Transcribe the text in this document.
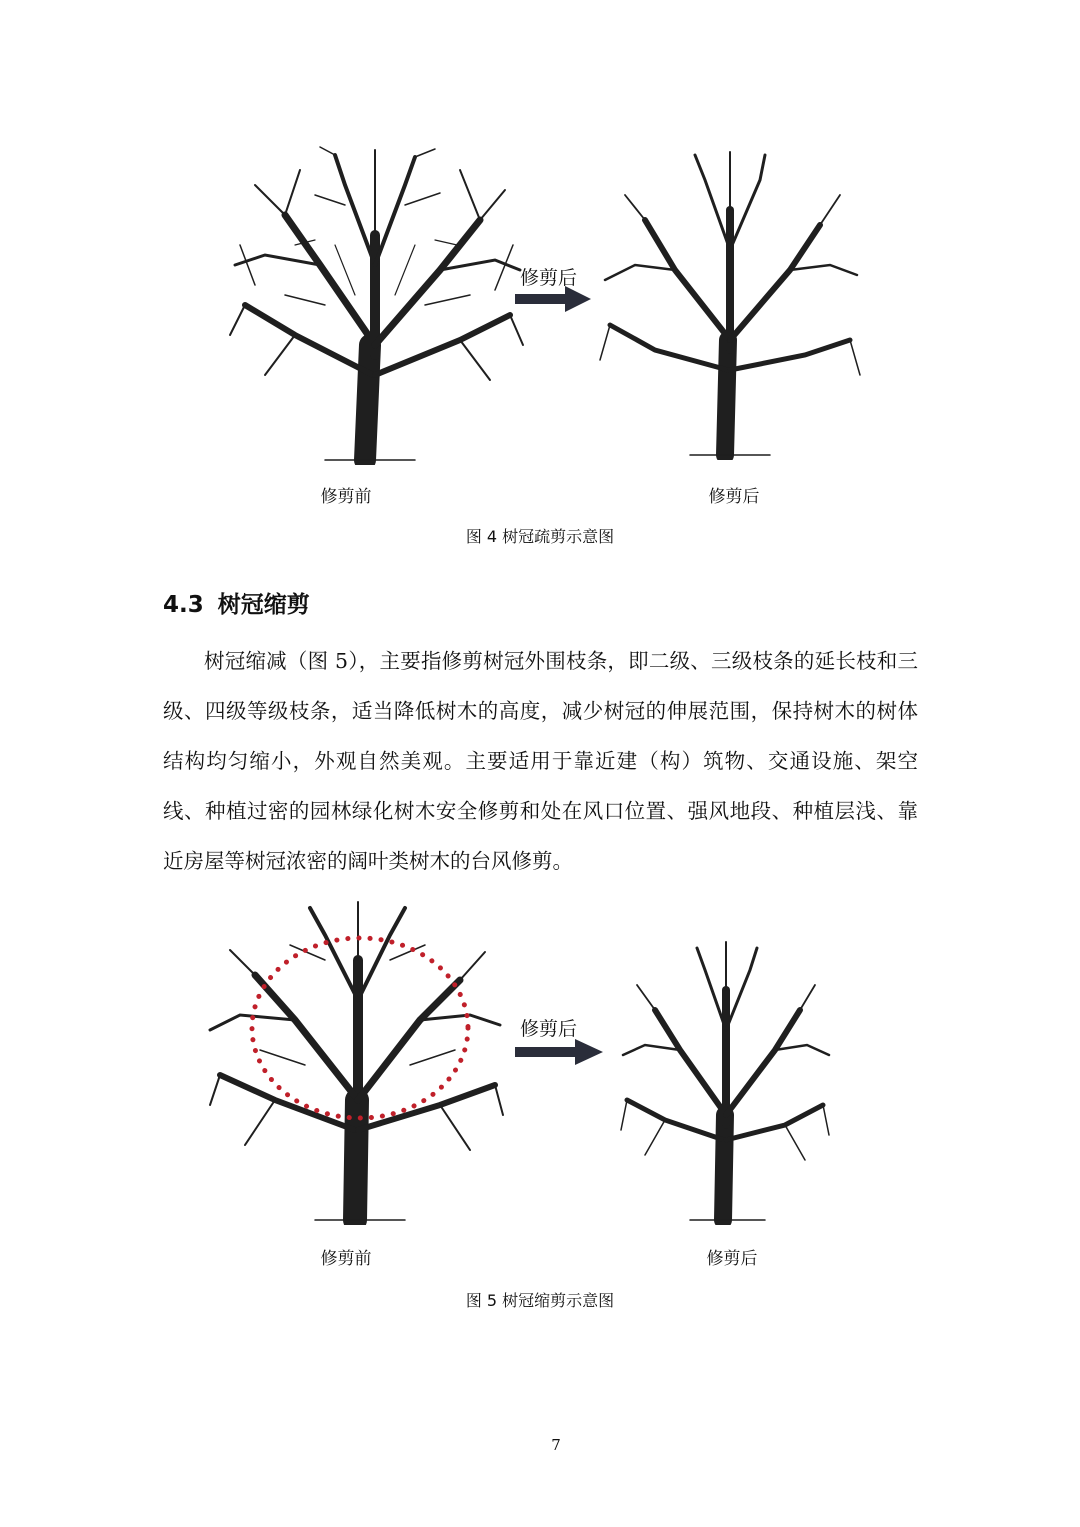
修剪后
修剪前	修剪后
图 4 树冠疏剪示意图
4.3 树冠缩剪
树冠缩减（图 5），主要指修剪树冠外围枝条，即二级、三级枝条的延长枝和三级、四级等级枝条，适当降低树木的高度，减少树冠的伸展范围，保持树木的树体结构均匀缩小，外观自然美观。主要适用于靠近建（构）筑物、交通设施、架空线、种植过密的园林绿化树木安全修剪和处在风口位置、强风地段、种植层浅、靠近房屋等树冠浓密的阔叶类树木的台风修剪。
修剪后
修剪前	修剪后
图 5 树冠缩剪示意图
7
